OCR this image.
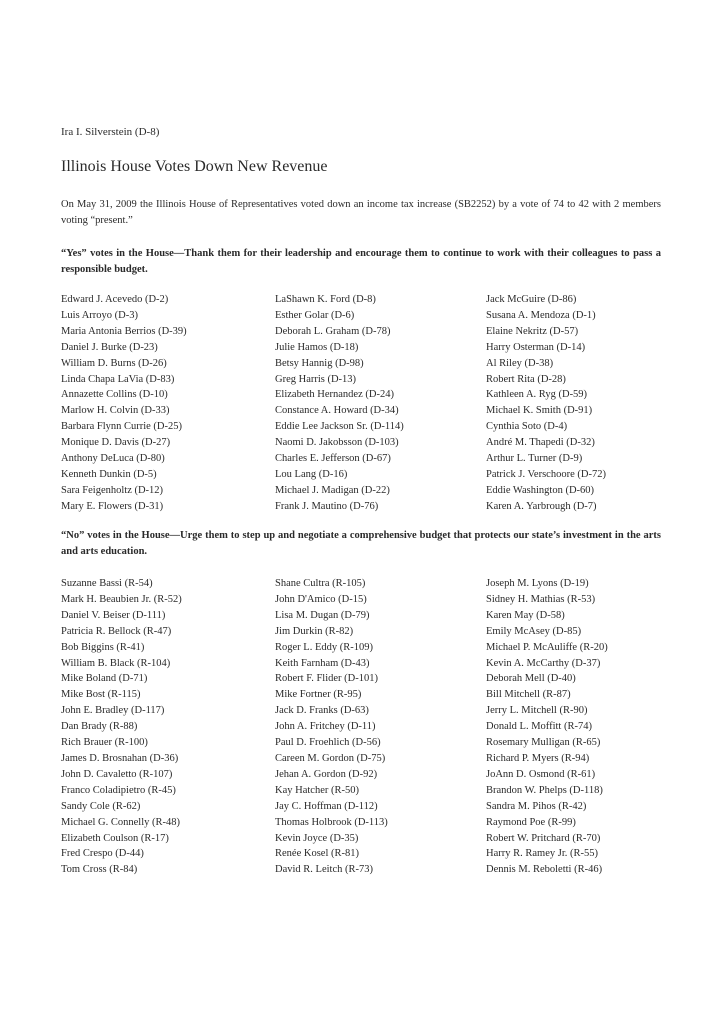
Ira I. Silverstein (D-8)
Illinois House Votes Down New Revenue

On May 31, 2009 the Illinois House of Representatives voted down an income tax increase (SB2252) by a vote of 74 to 42 with 2 members voting “present.”

“Yes” votes in the House—Thank them for their leadership and encourage them to continue to work with their colleagues to pass a responsible budget.

Edward J. Acevedo (D-2)
Luis Arroyo (D-3)
Maria Antonia Berrios (D-39)
Daniel J. Burke (D-23)
William D. Burns (D-26)
Linda Chapa LaVia (D-83)
Annazette Collins (D-10)
Marlow H. Colvin (D-33)
Barbara Flynn Currie (D-25)
Monique D. Davis (D-27)
Anthony DeLuca (D-80)
Kenneth Dunkin (D-5)
Sara Feigenholtz (D-12)
Mary E. Flowers (D-31)
LaShawn K. Ford (D-8)
Esther Golar (D-6)
Deborah L. Graham (D-78)
Julie Hamos (D-18)
Betsy Hannig (D-98)
Greg Harris (D-13)
Elizabeth Hernandez (D-24)
Constance A. Howard (D-34)
Eddie Lee Jackson Sr. (D-114)
Naomi D. Jakobsson (D-103)
Charles E. Jefferson (D-67)
Lou Lang (D-16)
Michael J. Madigan (D-22)
Frank J. Mautino (D-76)
Jack McGuire (D-86)
Susana A. Mendoza (D-1)
Elaine Nekritz (D-57)
Harry Osterman (D-14)
Al Riley (D-38)
Robert Rita (D-28)
Kathleen A. Ryg (D-59)
Michael K. Smith (D-91)
Cynthia Soto (D-4)
André M. Thapedi (D-32)
Arthur L. Turner (D-9)
Patrick J. Verschoore (D-72)
Eddie Washington (D-60)
Karen A. Yarbrough (D-7)

“No” votes in the House—Urge them to step up and negotiate a comprehensive budget that protects our state’s investment in the arts and arts education.

Suzanne Bassi (R-54)
Mark H. Beaubien Jr. (R-52)
Daniel V. Beiser (D-111)
Patricia R. Bellock (R-47)
Bob Biggins (R-41)
William B. Black (R-104)
Mike Boland (D-71)
Mike Bost (R-115)
John E. Bradley (D-117)
Dan Brady (R-88)
Rich Brauer (R-100)
James D. Brosnahan (D-36)
John D. Cavaletto (R-107)
Franco Coladipietro (R-45)
Sandy Cole (R-62)
Michael G. Connelly (R-48)
Elizabeth Coulson (R-17)
Fred Crespo (D-44)
Tom Cross (R-84)
Shane Cultra (R-105)
John D'Amico (D-15)
Lisa M. Dugan (D-79)
Jim Durkin (R-82)
Roger L. Eddy (R-109)
Keith Farnham (D-43)
Robert F. Flider (D-101)
Mike Fortner (R-95)
Jack D. Franks (D-63)
John A. Fritchey (D-11)
Paul D. Froehlich (D-56)
Careen M. Gordon (D-75)
Jehan A. Gordon (D-92)
Kay Hatcher (R-50)
Jay C. Hoffman (D-112)
Thomas Holbrook (D-113)
Kevin Joyce (D-35)
Renée Kosel (R-81)
David R. Leitch (R-73)
Joseph M. Lyons (D-19)
Sidney H. Mathias (R-53)
Karen May (D-58)
Emily McAsey (D-85)
Michael P. McAuliffe (R-20)
Kevin A. McCarthy (D-37)
Deborah Mell (D-40)
Bill Mitchell (R-87)
Jerry L. Mitchell (R-90)
Donald L. Moffitt (R-74)
Rosemary Mulligan (R-65)
Richard P. Myers (R-94)
JoAnn D. Osmond (R-61)
Brandon W. Phelps (D-118)
Sandra M. Pihos (R-42)
Raymond Poe (R-99)
Robert W. Pritchard (R-70)
Harry R. Ramey Jr. (R-55)
Dennis M. Reboletti (R-46)
